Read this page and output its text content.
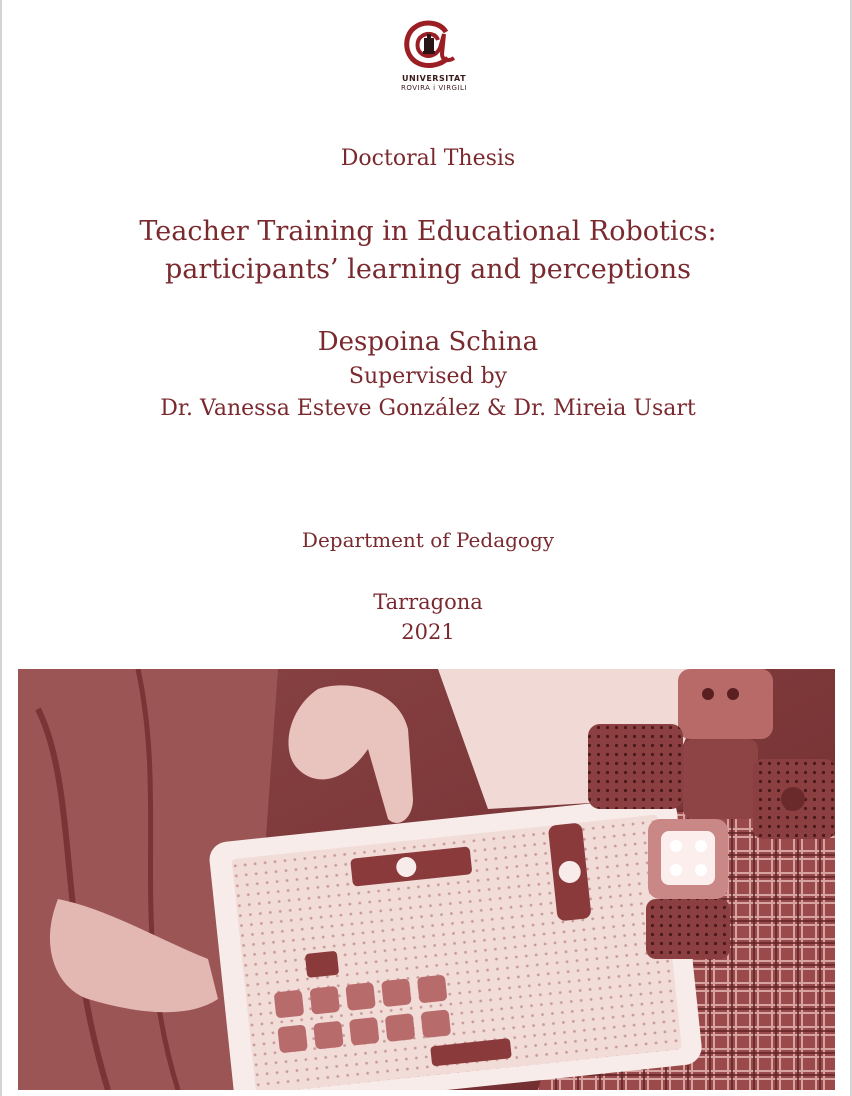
UNIVERSITAT
ROVIRA i VIRGILI

Doctoral Thesis

Teacher Training in Educational Robotics:

participants’ learning and perceptions

Despoina Schina

Supervised by

Dr. Vanessa Esteve González & Dr. Mireia Usart

Department of Pedagogy

Tarragona

2021
